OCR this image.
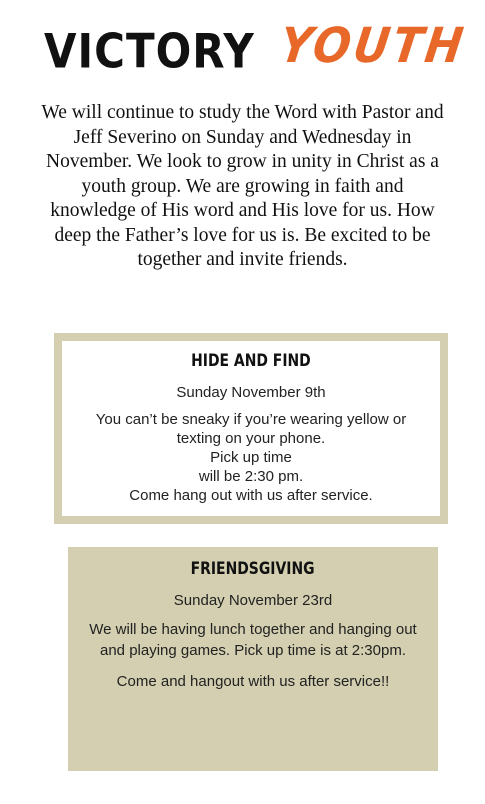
VICTORY YOUTH

We will continue to study the Word with Pastor and Jeff Severino on Sunday and Wednesday in November. We look to grow in unity in Christ as a youth group. We are growing in faith and knowledge of His word and His love for us. How deep the Father’s love for us is. Be excited to be together and invite friends.

HIDE AND FIND
Sunday November 9th
You can’t be sneaky if you’re wearing yellow or texting on your phone.
Pick up time
will be 2:30 pm.
Come hang out with us after service.
FRIENDSGIVING
Sunday November 23rd
We will be having lunch together and hanging out and playing games. Pick up time is at 2:30pm.
Come and hangout with us after service!!
